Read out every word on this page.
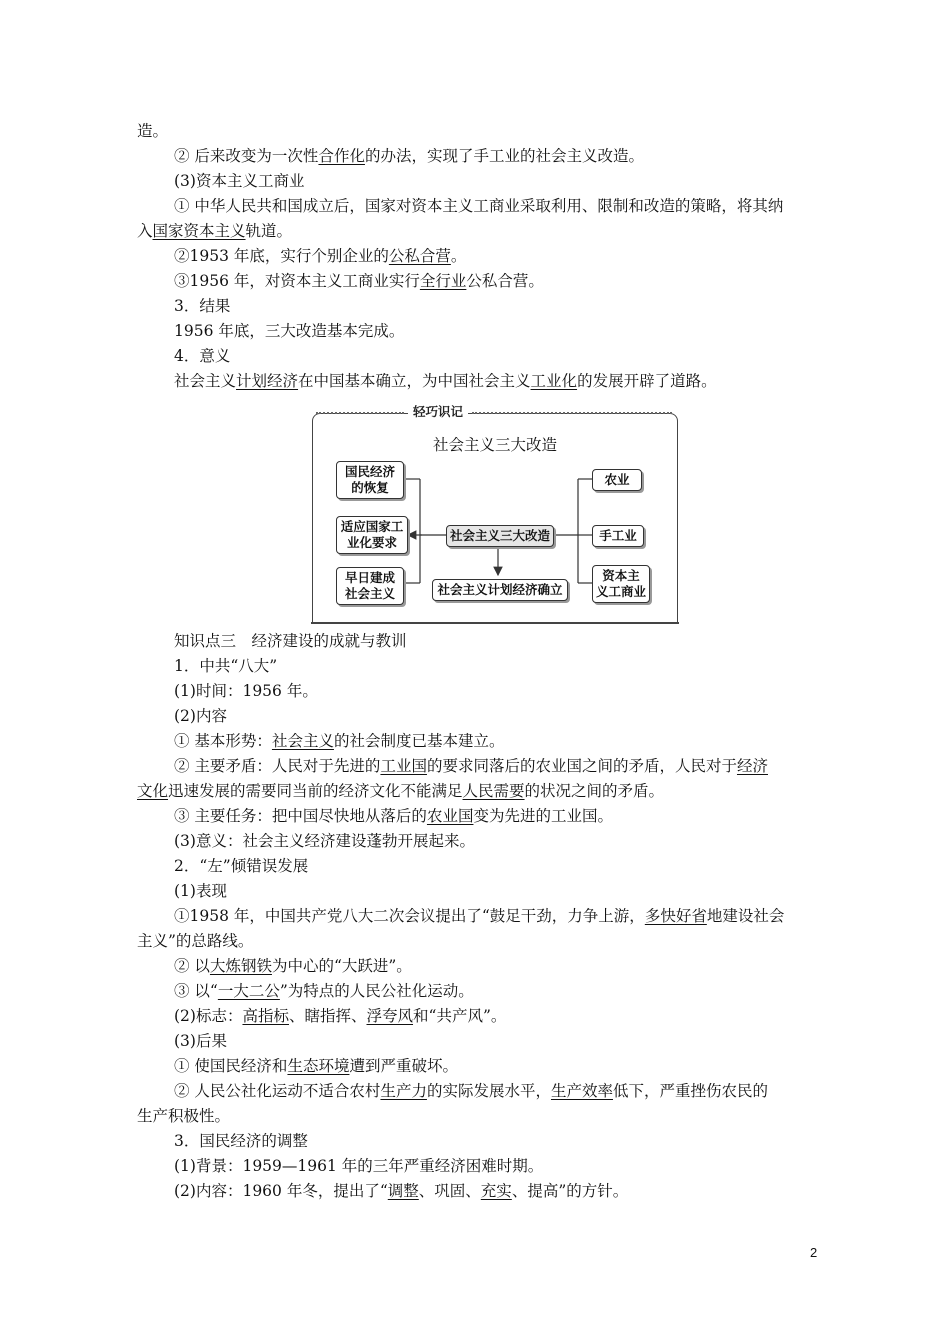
造。
② 后来改变为一次性合作化的办法，实现了手工业的社会主义改造。
(3)资本主义工商业
① 中华人民共和国成立后，国家对资本主义工商业采取利用、限制和改造的策略，将其纳
入国家资本主义轨道。
②1953 年底，实行个别企业的公私合营。
③1956 年，对资本主义工商业实行全行业公私合营。
3．结果
1956 年底，三大改造基本完成。
4．意义
社会主义计划经济在中国基本确立，为中国社会主义工业化的发展开辟了道路。
知识点三　经济建设的成就与教训
1．中共“八大”
(1)时间：1956 年。
(2)内容
① 基本形势：社会主义的社会制度已基本建立。
② 主要矛盾：人民对于先进的工业国的要求同落后的农业国之间的矛盾，人民对于经济
文化迅速发展的需要同当前的经济文化不能满足人民需要的状况之间的矛盾。
③ 主要任务：把中国尽快地从落后的农业国变为先进的工业国。
(3)意义：社会主义经济建设蓬勃开展起来。
2．“左”倾错误发展
(1)表现
①1958 年，中国共产党八大二次会议提出了“鼓足干劲，力争上游，多快好省地建设社会
主义”的总路线。
② 以大炼钢铁为中心的“大跃进”。
③ 以“一大二公”为特点的人民公社化运动。
(2)标志：高指标、瞎指挥、浮夸风和“共产风”。
(3)后果
① 使国民经济和生态环境遭到严重破坏。
② 人民公社化运动不适合农村生产力的实际发展水平，生产效率低下，严重挫伤农民的
生产积极性。
3．国民经济的调整
(1)背景：1959—1961 年的三年严重经济困难时期。
(2)内容：1960 年冬，提出了“调整、巩固、充实、提高”的方针。
轻巧识记
社会主义三大改造
国民经济
的恢复
适应国家工
业化要求
早日建成
社会主义
社会主义三大改造
社会主义计划经济确立
农业
手工业
资本主
义工商业
2
